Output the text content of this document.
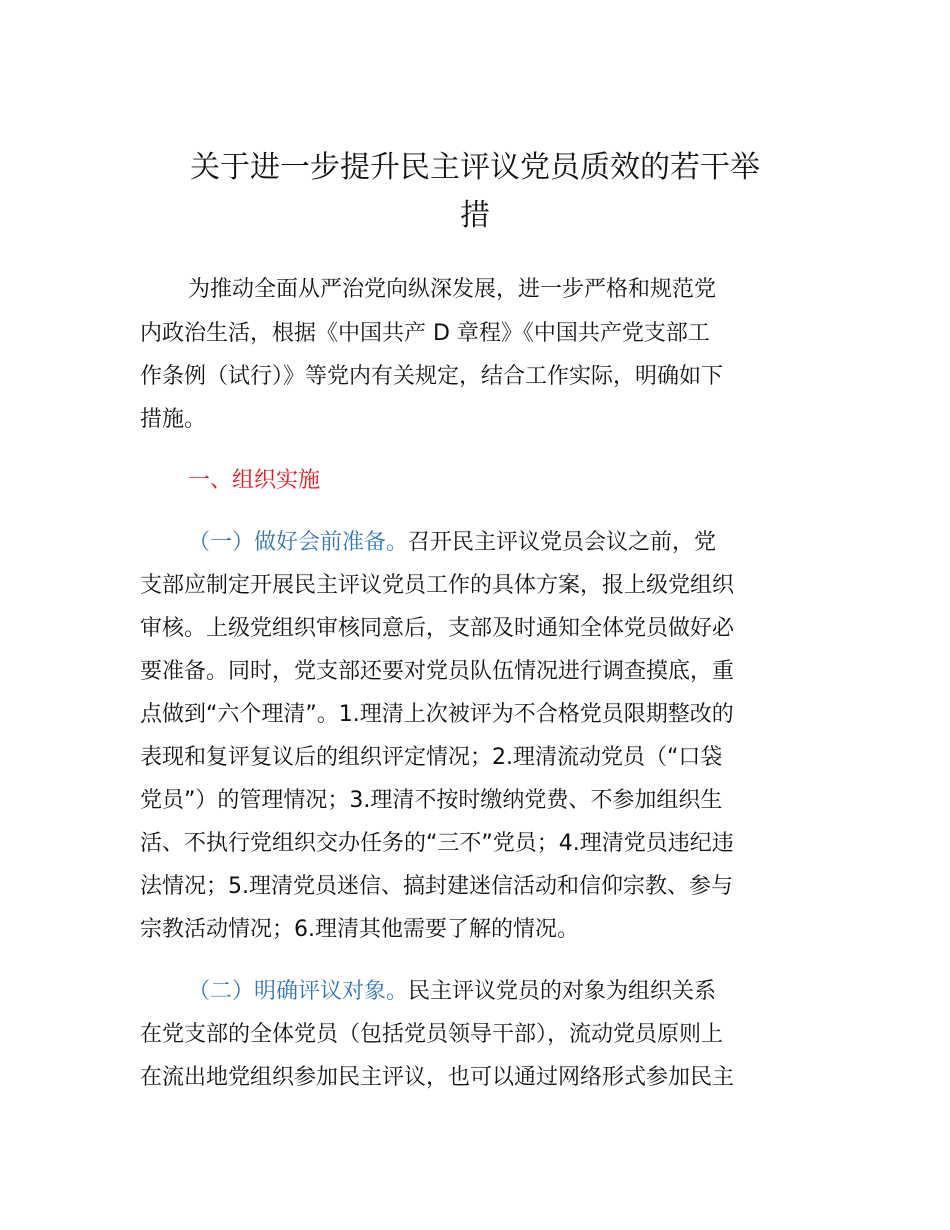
关于进一步提升民主评议党员质效的若干举
措
为推动全面从严治党向纵深发展，进一步严格和规范党
内政治生活，根据《中国共产 D 章程》《中国共产党支部工
作条例（试行）》等党内有关规定，结合工作实际，明确如下
措施。
一、组织实施
（一）做好会前准备。召开民主评议党员会议之前，党
支部应制定开展民主评议党员工作的具体方案，报上级党组织
审核。上级党组织审核同意后，支部及时通知全体党员做好必
要准备。同时，党支部还要对党员队伍情况进行调查摸底，重
点做到“六个理清”。1.理清上次被评为不合格党员限期整改的
表现和复评复议后的组织评定情况；2.理清流动党员（“口袋
党员”）的管理情况；3.理清不按时缴纳党费、不参加组织生
活、不执行党组织交办任务的“三不”党员；4.理清党员违纪违
法情况；5.理清党员迷信、搞封建迷信活动和信仰宗教、参与
宗教活动情况；6.理清其他需要了解的情况。
（二）明确评议对象。民主评议党员的对象为组织关系
在党支部的全体党员（包括党员领导干部），流动党员原则上
在流出地党组织参加民主评议，也可以通过网络形式参加民主
